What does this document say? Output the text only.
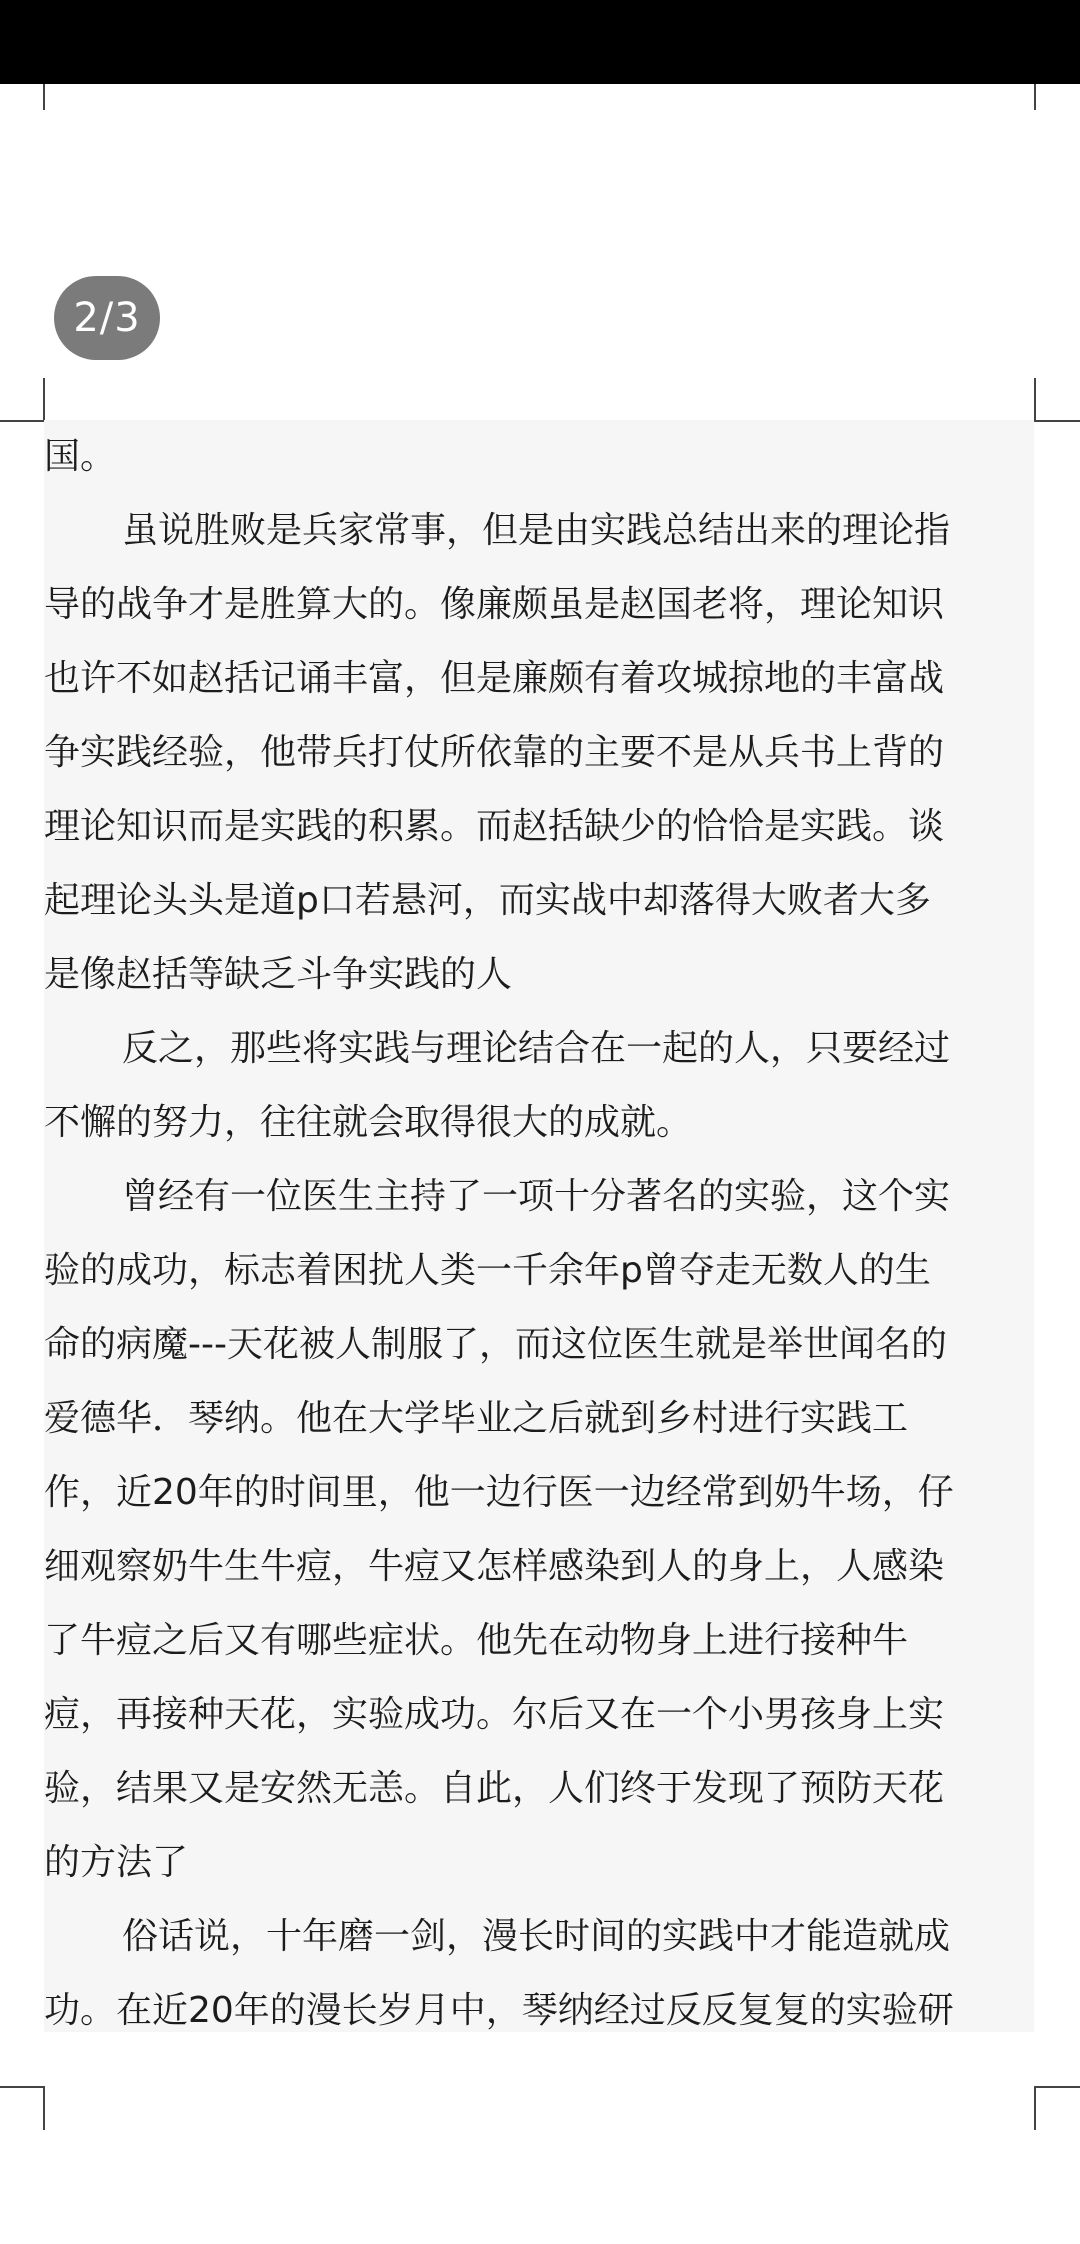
2/3
国。
虽说胜败是兵家常事，但是由实践总结出来的理论指
导的战争才是胜算大的。像廉颇虽是赵国老将，理论知识
也许不如赵括记诵丰富，但是廉颇有着攻城掠地的丰富战
争实践经验，他带兵打仗所依靠的主要不是从兵书上背的
理论知识而是实践的积累。而赵括缺少的恰恰是实践。谈
起理论头头是道p口若悬河，而实战中却落得大败者大多
是像赵括等缺乏斗争实践的人
反之，那些将实践与理论结合在一起的人，只要经过
不懈的努力，往往就会取得很大的成就。
曾经有一位医生主持了一项十分著名的实验，这个实
验的成功，标志着困扰人类一千余年p曾夺走无数人的生
命的病魔---天花被人制服了，而这位医生就是举世闻名的
爱德华．琴纳。他在大学毕业之后就到乡村进行实践工
作，近20年的时间里，他一边行医一边经常到奶牛场，仔
细观察奶牛生牛痘，牛痘又怎样感染到人的身上，人感染
了牛痘之后又有哪些症状。他先在动物身上进行接种牛
痘，再接种天花，实验成功。尔后又在一个小男孩身上实
验，结果又是安然无恙。自此，人们终于发现了预防天花
的方法了
俗话说，十年磨一剑，漫长时间的实践中才能造就成
功。在近20年的漫长岁月中，琴纳经过反反复复的实验研
